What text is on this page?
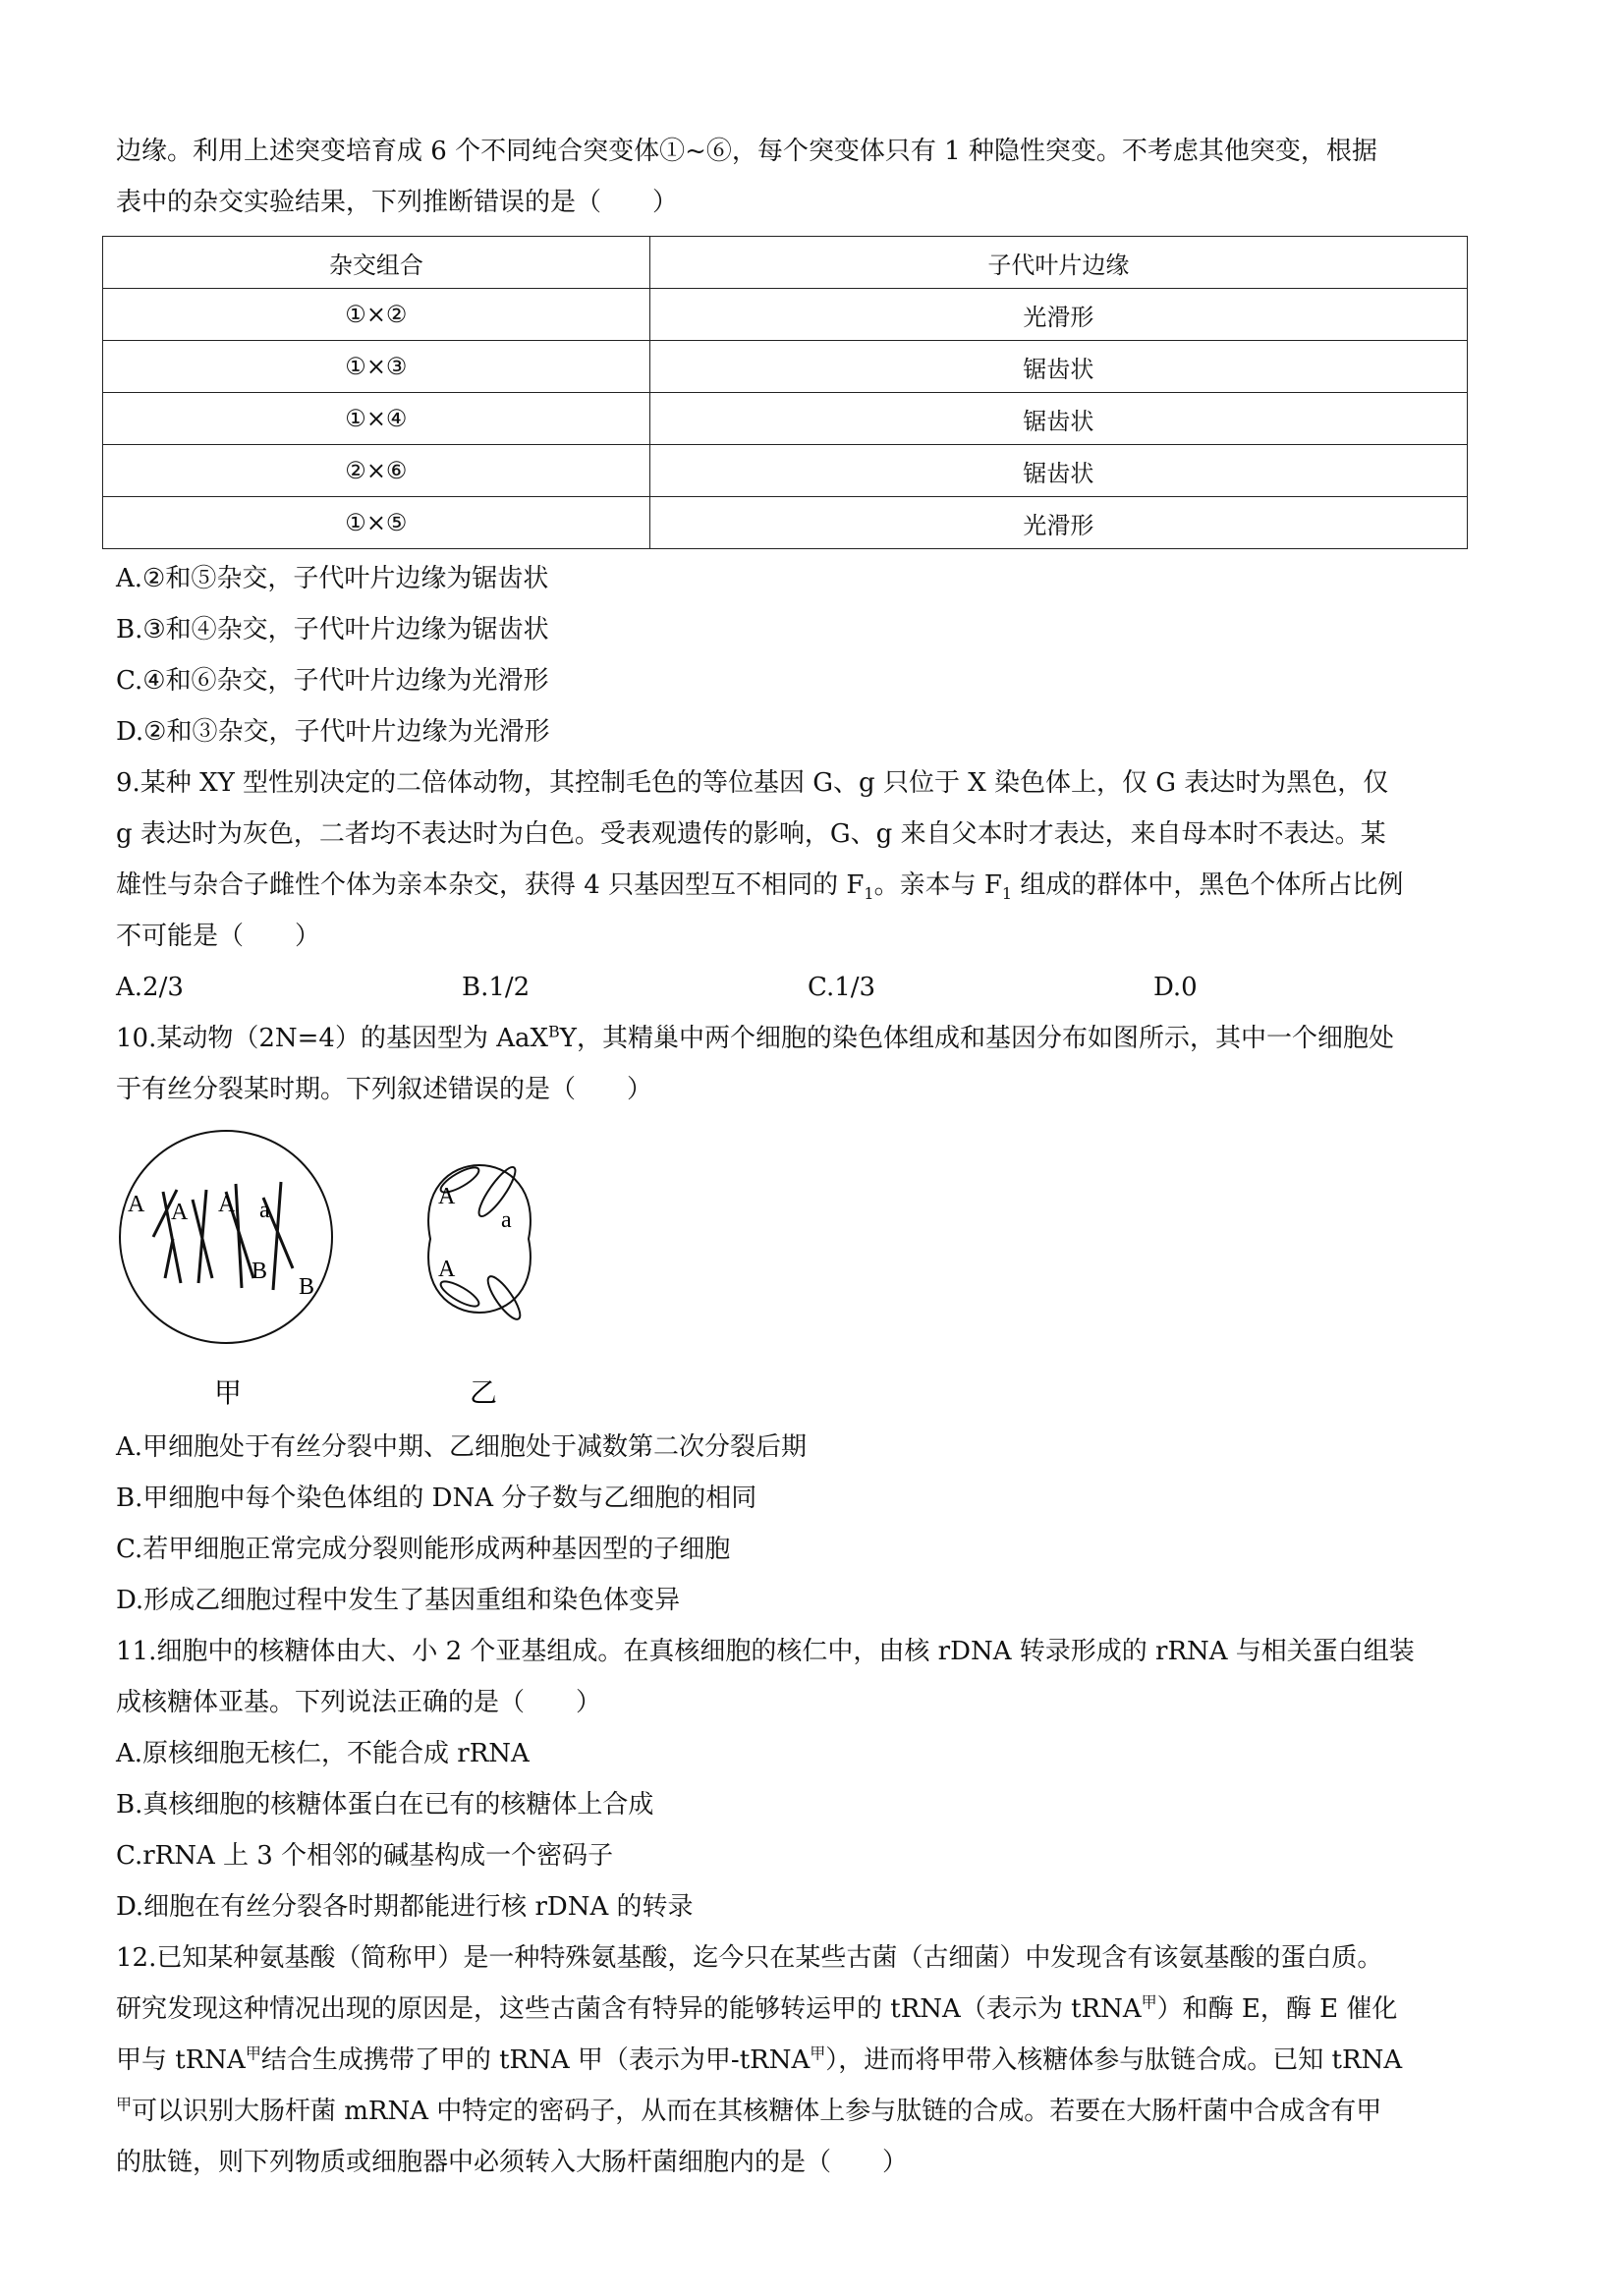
边缘。利用上述突变培育成 6 个不同纯合突变体①~⑥，每个突变体只有 1 种隐性突变。不考虑其他突变，根据

表中的杂交实验结果，下列推断错误的是（　　）

杂交组合	子代叶片边缘
①×②	光滑形
①×③	锯齿状
①×④	锯齿状
②×⑥	锯齿状
①×⑤	光滑形

A.②和⑤杂交，子代叶片边缘为锯齿状

B.③和④杂交，子代叶片边缘为锯齿状

C.④和⑥杂交，子代叶片边缘为光滑形

D.②和③杂交，子代叶片边缘为光滑形

9.某种 XY 型性别决定的二倍体动物，其控制毛色的等位基因 G、g 只位于 X 染色体上，仅 G 表达时为黑色，仅

g 表达时为灰色，二者均不表达时为白色。受表观遗传的影响，G、g 来自父本时才表达，来自母本时不表达。某

雄性与杂合子雌性个体为亲本杂交，获得 4 只基因型互不相同的 $F_1$。亲本与 $F_1$ 组成的群体中，黑色个体所占比例

不可能是（　　）

A.2/3	B.1/2	C.1/3	D.0

10.某动物（2N=4）的基因型为 AaX$^B$Y，其精巢中两个细胞的染色体组成和基因分布如图所示，其中一个细胞处

于有丝分裂某时期。下列叙述错误的是（　　）

A A A a
B
B
甲
A
a
A
乙

A.甲细胞处于有丝分裂中期、乙细胞处于减数第二次分裂后期

B.甲细胞中每个染色体组的 DNA 分子数与乙细胞的相同

C.若甲细胞正常完成分裂则能形成两种基因型的子细胞

D.形成乙细胞过程中发生了基因重组和染色体变异

11.细胞中的核糖体由大、小 2 个亚基组成。在真核细胞的核仁中，由核 rDNA 转录形成的 rRNA 与相关蛋白组装

成核糖体亚基。下列说法正确的是（　　）

A.原核细胞无核仁，不能合成 rRNA

B.真核细胞的核糖体蛋白在已有的核糖体上合成

C.rRNA 上 3 个相邻的碱基构成一个密码子

D.细胞在有丝分裂各时期都能进行核 rDNA 的转录

12.已知某种氨基酸（简称甲）是一种特殊氨基酸，迄今只在某些古菌（古细菌）中发现含有该氨基酸的蛋白质。

研究发现这种情况出现的原因是，这些古菌含有特异的能够转运甲的 tRNA（表示为 tRNA$^甲$）和酶 E，酶 E 催化

甲与 tRNA$^甲$结合生成携带了甲的 tRNA 甲（表示为甲-tRNA$^甲$），进而将甲带入核糖体参与肽链合成。已知 tRNA

$^甲$可以识别大肠杆菌 mRNA 中特定的密码子，从而在其核糖体上参与肽链的合成。若要在大肠杆菌中合成含有甲

的肽链，则下列物质或细胞器中必须转入大肠杆菌细胞内的是（　　）
